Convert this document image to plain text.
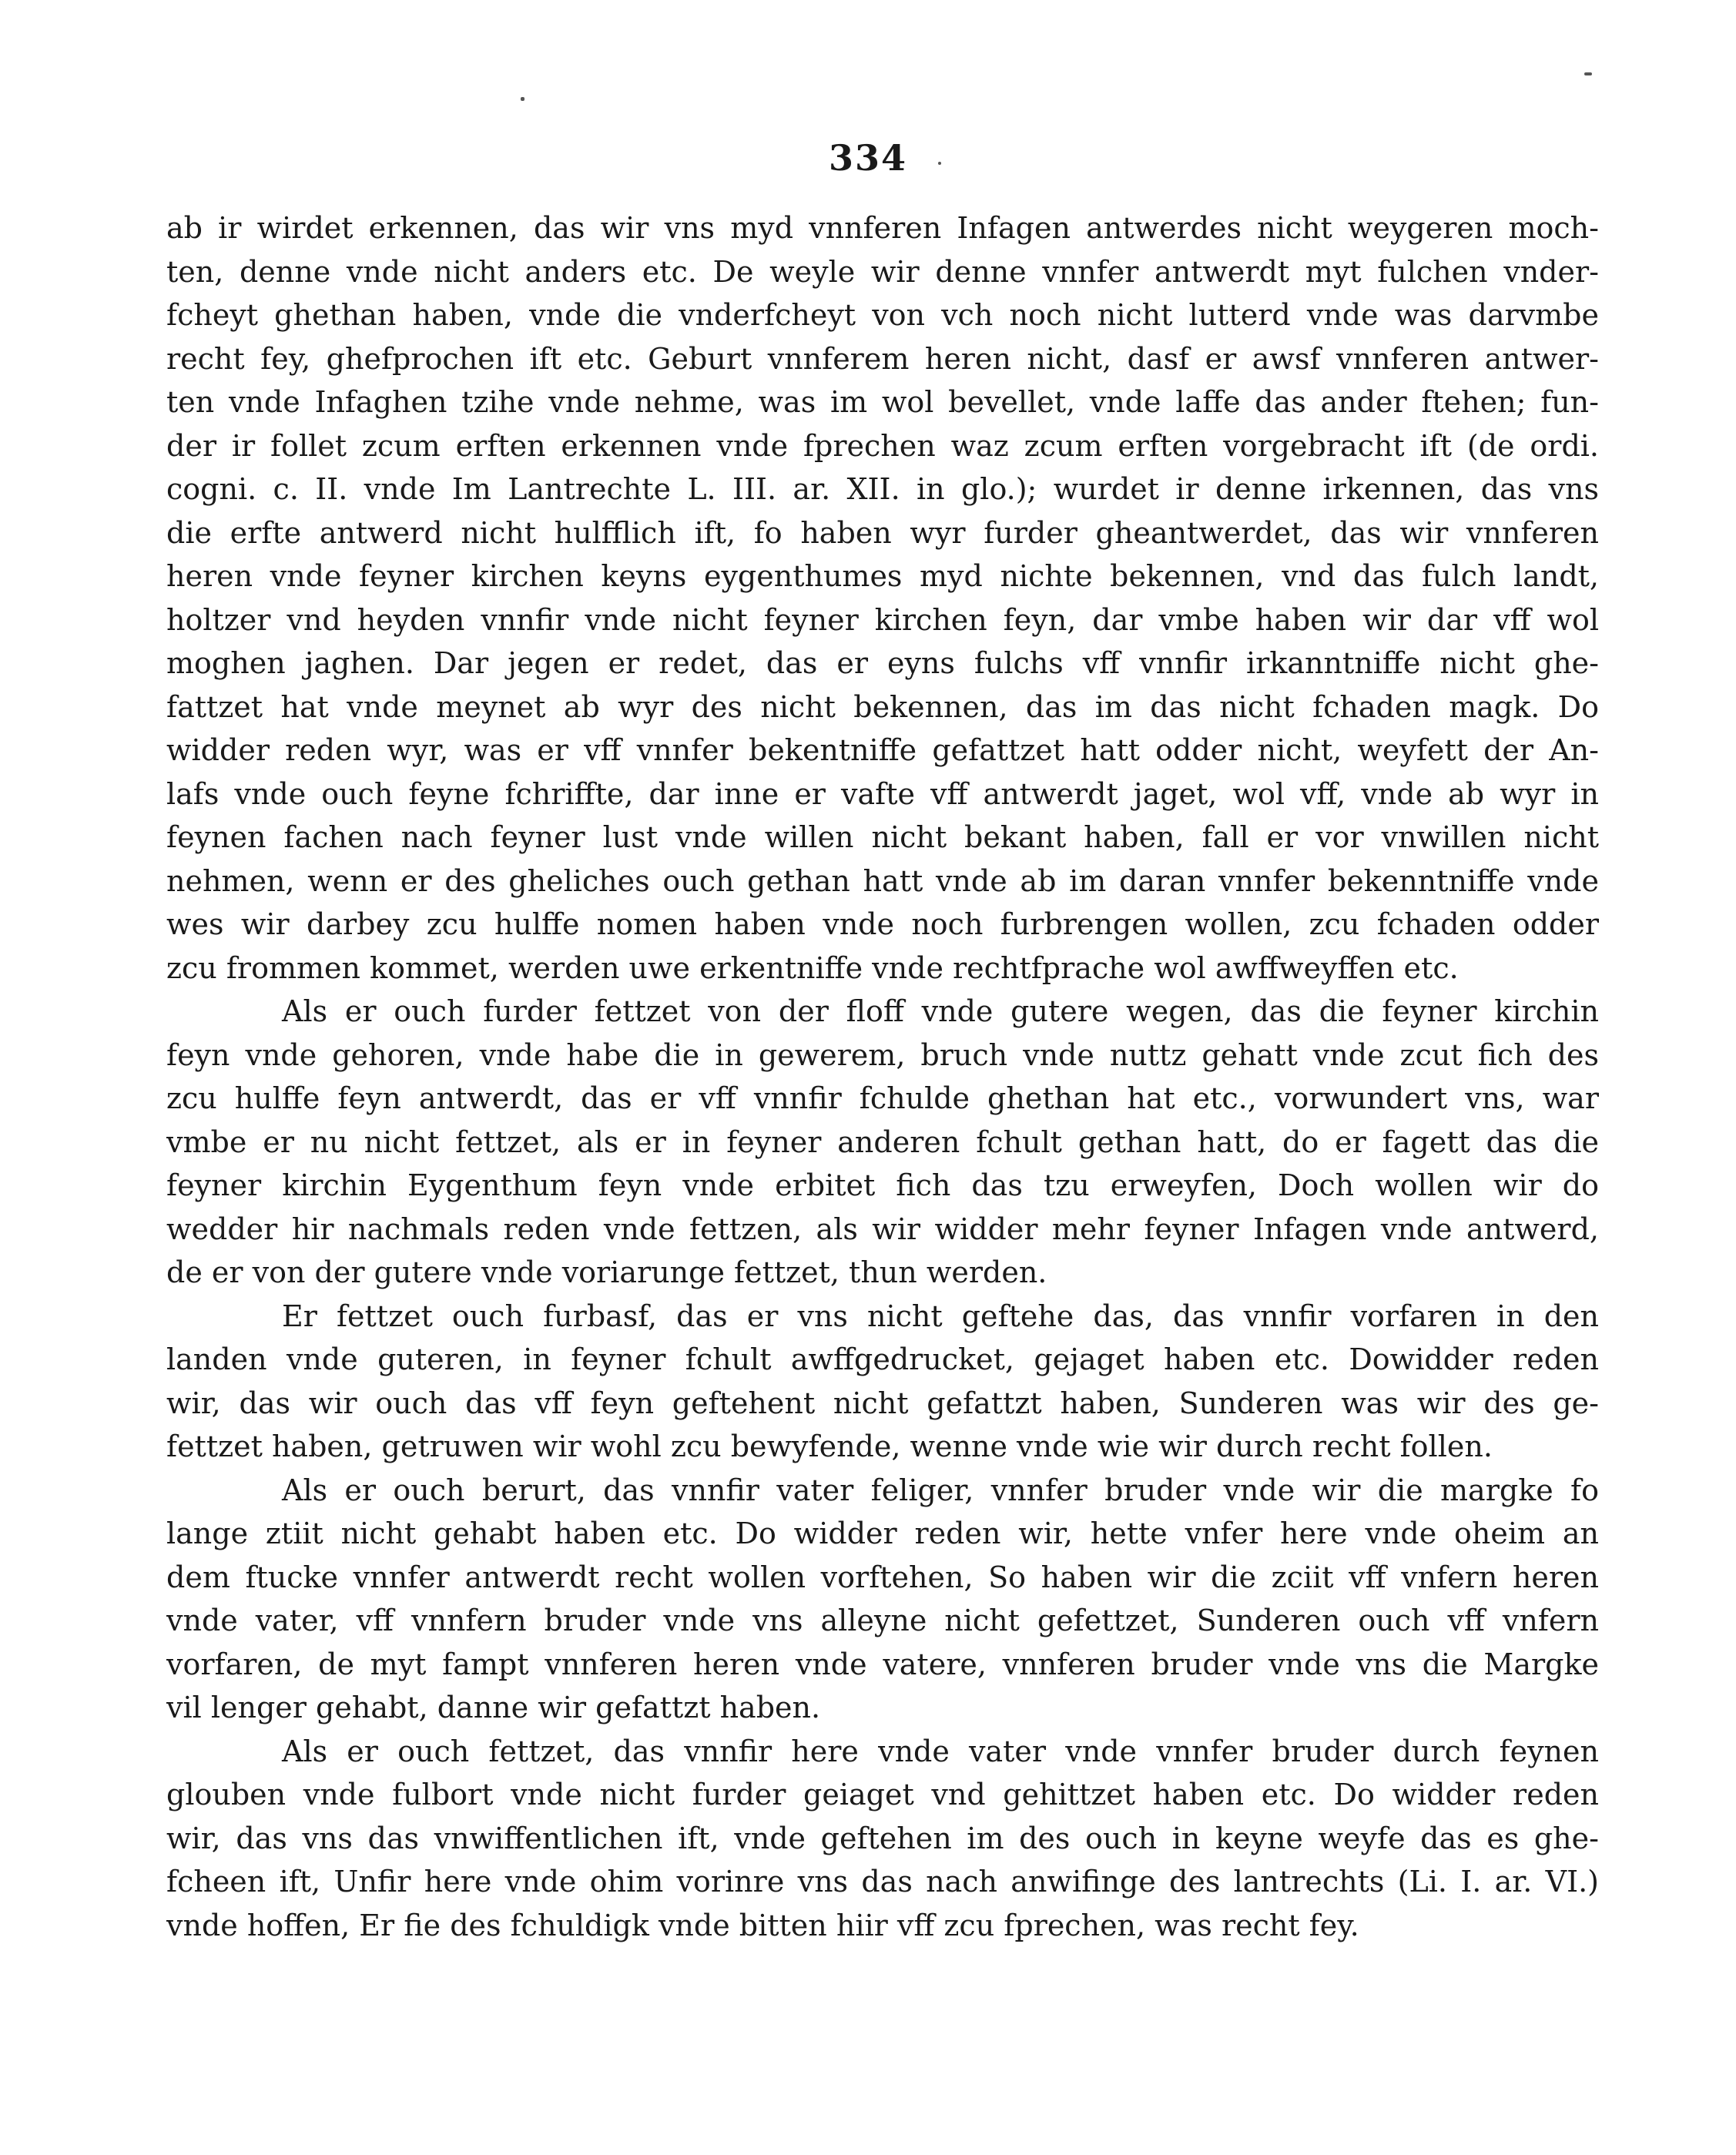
334
ab ir wirdet erkennen, das wir vns myd vnnferen Infagen antwerdes nicht weygeren moch-
ten, denne vnde nicht anders etc. De weyle wir denne vnnfer antwerdt myt fulchen vnder-
fcheyt ghethan haben, vnde die vnderfcheyt von vch noch nicht lutterd vnde was darvmbe
recht fey, ghefprochen ift etc. Geburt vnnferem heren nicht, dasf er awsf vnnferen antwer-
ten vnde Infaghen tzihe vnde nehme, was im wol bevellet, vnde laffe das ander ftehen; fun-
der ir follet zcum erften erkennen vnde fprechen waz zcum erften vorgebracht ift (de ordi.
cogni. c. II. vnde Im Lantrechte L. III. ar. XII. in glo.); wurdet ir denne irkennen, das vns
die erfte antwerd nicht hulfflich ift, fo haben wyr furder gheantwerdet, das wir vnnferen
heren vnde feyner kirchen keyns eygenthumes myd nichte bekennen, vnd das fulch landt,
holtzer vnd heyden vnnfir vnde nicht feyner kirchen feyn, dar vmbe haben wir dar vff wol
moghen jaghen. Dar jegen er redet, das er eyns fulchs vff vnnfir irkanntniffe nicht ghe-
fattzet hat vnde meynet ab wyr des nicht bekennen, das im das nicht fchaden magk. Do
widder reden wyr, was er vff vnnfer bekentniffe gefattzet hatt odder nicht, weyfett der An-
lafs vnde ouch feyne fchriffte, dar inne er vafte vff antwerdt jaget, wol vff, vnde ab wyr in
feynen fachen nach feyner lust vnde willen nicht bekant haben, fall er vor vnwillen nicht
nehmen, wenn er des gheliches ouch gethan hatt vnde ab im daran vnnfer bekenntniffe vnde
wes wir darbey zcu hulffe nomen haben vnde noch furbrengen wollen, zcu fchaden odder
zcu frommen kommet, werden uwe erkentniffe vnde rechtfprache wol awffweyffen etc.
Als er ouch furder fettzet von der floff vnde gutere wegen, das die feyner kirchin
feyn vnde gehoren, vnde habe die in gewerem, bruch vnde nuttz gehatt vnde zcut fich des
zcu hulffe feyn antwerdt, das er vff vnnfir fchulde ghethan hat etc., vorwundert vns, war
vmbe er nu nicht fettzet, als er in feyner anderen fchult gethan hatt, do er fagett das die
feyner kirchin Eygenthum feyn vnde erbitet fich das tzu erweyfen, Doch wollen wir do
wedder hir nachmals reden vnde fettzen, als wir widder mehr feyner Infagen vnde antwerd,
de er von der gutere vnde voriarunge fettzet, thun werden.
Er fettzet ouch furbasf, das er vns nicht geftehe das, das vnnfir vorfaren in den
landen vnde guteren, in feyner fchult awffgedrucket, gejaget haben etc. Dowidder reden
wir, das wir ouch das vff feyn geftehent nicht gefattzt haben, Sunderen was wir des ge-
fettzet haben, getruwen wir wohl zcu bewyfende, wenne vnde wie wir durch recht follen.
Als er ouch berurt, das vnnfir vater feliger, vnnfer bruder vnde wir die margke fo
lange ztiit nicht gehabt haben etc. Do widder reden wir, hette vnfer here vnde oheim an
dem ftucke vnnfer antwerdt recht wollen vorftehen, So haben wir die zciit vff vnfern heren
vnde vater, vff vnnfern bruder vnde vns alleyne nicht gefettzet, Sunderen ouch vff vnfern
vorfaren, de myt fampt vnnferen heren vnde vatere, vnnferen bruder vnde vns die Margke
vil lenger gehabt, danne wir gefattzt haben.
Als er ouch fettzet, das vnnfir here vnde vater vnde vnnfer bruder durch feynen
glouben vnde fulbort vnde nicht furder geiaget vnd gehittzet haben etc. Do widder reden
wir, das vns das vnwiffentlichen ift, vnde geftehen im des ouch in keyne weyfe das es ghe-
fcheen ift, Unfir here vnde ohim vorinre vns das nach anwifinge des lantrechts (Li. I. ar. VI.)
vnde hoffen, Er fie des fchuldigk vnde bitten hiir vff zcu fprechen, was recht fey.
